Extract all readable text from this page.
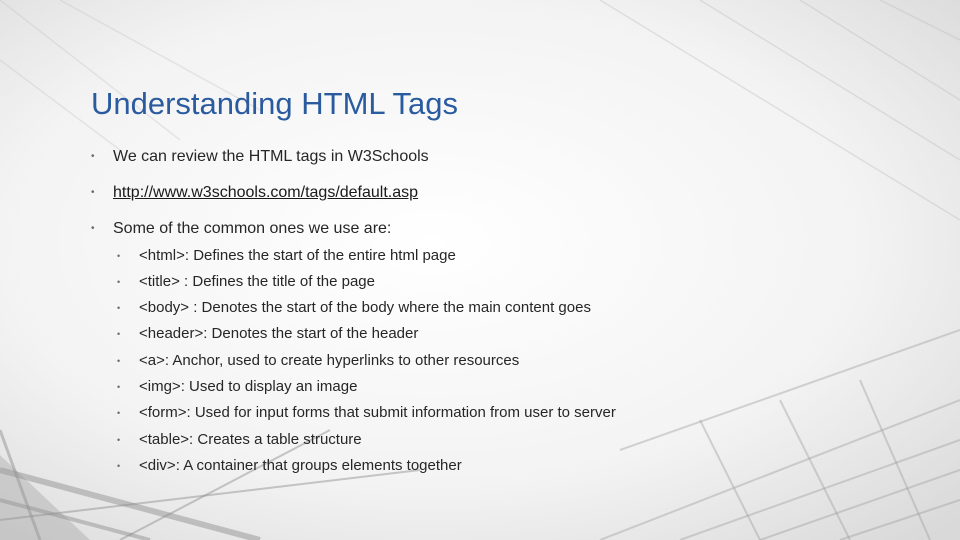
Understanding HTML Tags
• We can review the HTML tags in W3Schools
• http://www.w3schools.com/tags/default.asp
• Some of the common ones we use are:
• <html>: Defines the start of the entire html page
• <title> : Defines the title of the page
• <body> : Denotes the start of the body where the main content goes
• <header>: Denotes the start of the header
• <a>: Anchor, used to create hyperlinks to other resources
• <img>: Used to display an image
• <form>: Used for input forms that submit information from user to server
• <table>: Creates a table structure
• <div>: A container that groups elements together
